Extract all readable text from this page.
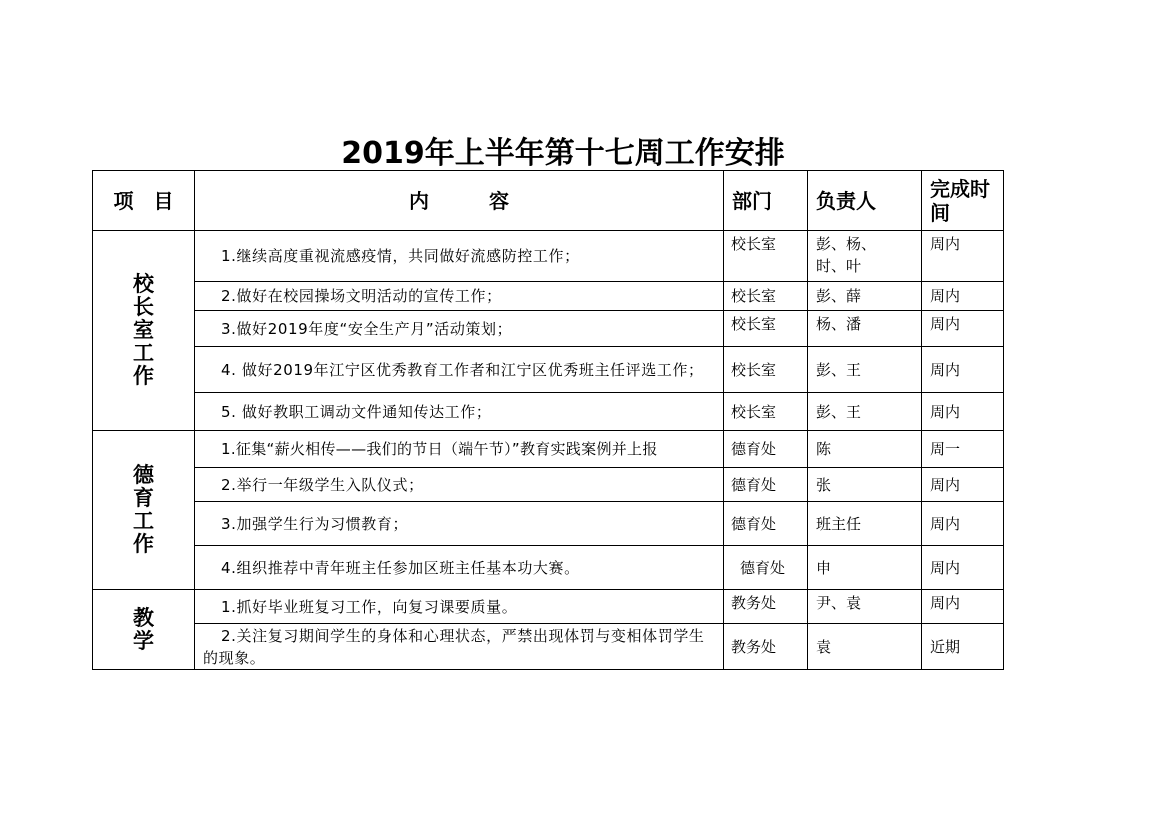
2019年上半年第十七周工作安排
项　目	内容	部门	负责人	完成时间

校
长
室
工
作	1.继续高度重视流感疫情，共同做好流感防控工作；	校长室	彭、杨、时、叶	周内
	2.做好在校园操场文明活动的宣传工作；	校长室	彭、薛	周内
	3.做好2019年度“安全生产月”活动策划；	校长室	杨、潘	周内
	4. 做好2019年江宁区优秀教育工作者和江宁区优秀班主任评选工作；	校长室	彭、王	周内
	5. 做好教职工调动文件通知传达工作；	校长室	彭、王	周内

德
育
工
作	1.征集“薪火相传——我们的节日（端午节）”教育实践案例并上报	德育处	陈	周一
	2.举行一年级学生入队仪式；	德育处	张	周内
	3.加强学生行为习惯教育；	德育处	班主任	周内
	4.组织推荐中青年班主任参加区班主任基本功大赛。	德育处	申	周内

教
学	1.抓好毕业班复习工作，向复习课要质量。	教务处	尹、袁	周内
	2.关注复习期间学生的身体和心理状态，严禁出现体罚与变相体罚学生的现象。	教务处	袁	近期
